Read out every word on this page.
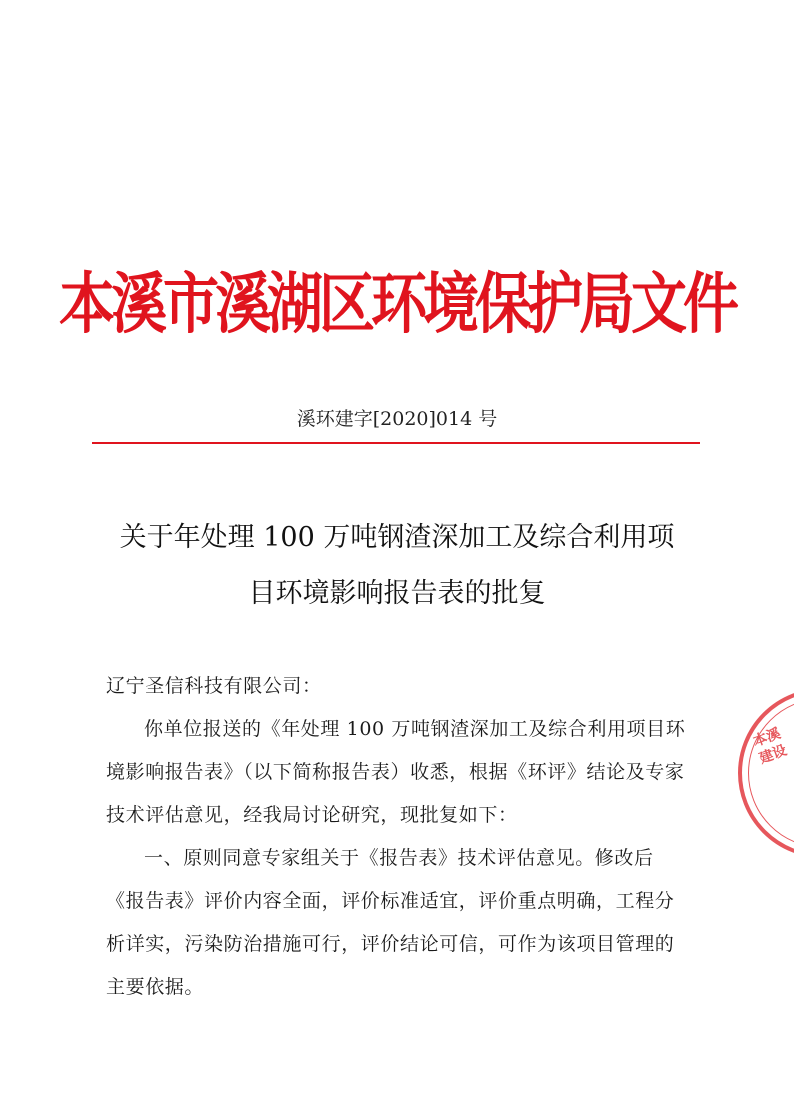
本溪市溪湖区环境保护局文件
溪环建字[2020]014 号
关于年处理 100 万吨钢渣深加工及综合利用项
目环境影响报告表的批复

辽宁圣信科技有限公司：

你单位报送的《年处理 100 万吨钢渣深加工及综合利用项目环境影响报告表》（以下简称报告表）收悉，根据《环评》结论及专家技术评估意见，经我局讨论研究，现批复如下：

一、原则同意专家组关于《报告表》技术评估意见。修改后《报告表》评价内容全面，评价标准适宜，评价重点明确，工程分析详实，污染防治措施可行，评价结论可信，可作为该项目管理的主要依据。

本溪
建设
